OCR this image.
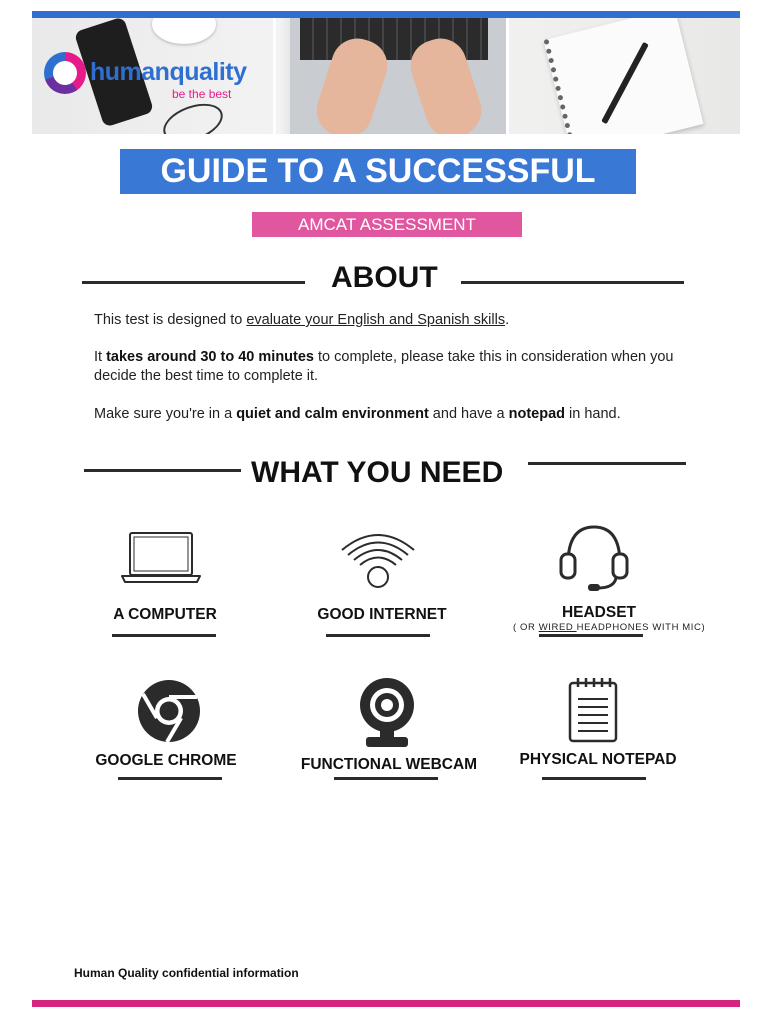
humanquality
be the best
GUIDE TO A SUCCESSFUL
AMCAT ASSESSMENT
ABOUT
This test is designed to evaluate your English and Spanish skills.
It takes around 30 to 40 minutes to complete, please take this in consideration when you decide the best time to complete it.
Make sure you're in a quiet and calm environment and have a notepad in hand.
WHAT YOU NEED
A COMPUTER	GOOD INTERNET	HEADSET
( OR WIRED HEADPHONES WITH MIC)
GOOGLE CHROME	FUNCTIONAL WEBCAM	PHYSICAL NOTEPAD
Human Quality confidential information
